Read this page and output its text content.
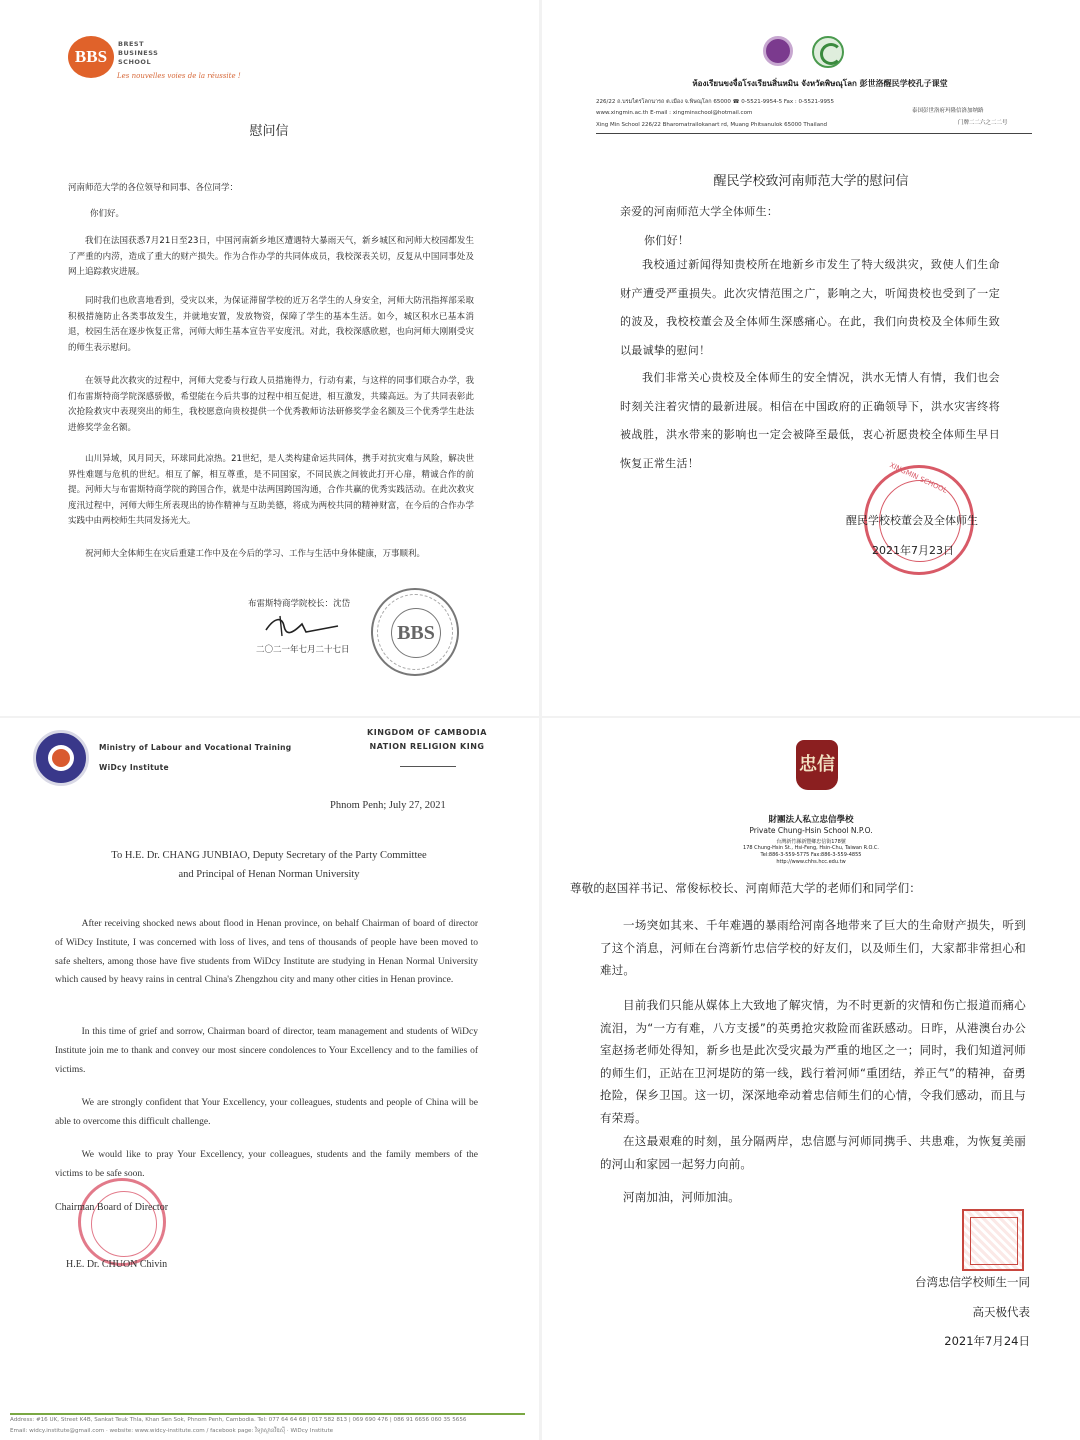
BBS
BREST
BUSINESS
SCHOOL
Les nouvelles voies de la réussite !
慰问信
河南师范大学的各位领导和同事、各位同学：
你们好。
我们在法国获悉7月21日至23日，中国河南新乡地区遭遇特大暴雨天气，新乡城区和河师大校园都发生了严重的内涝，造成了重大的财产损失。作为合作办学的共同体成员，我校深表关切，反复从中国同事处及网上追踪救灾进展。
同时我们也欣喜地看到，受灾以来，为保证滞留学校的近万名学生的人身安全，河师大防汛指挥部采取积极措施防止各类事故发生，并就地安置，发放物资，保障了学生的基本生活。如今，城区积水已基本消退，校园生活在逐步恢复正常，河师大师生基本宣告平安度汛。对此，我校深感欣慰，也向河师大刚刚受灾的师生表示慰问。
在领导此次救灾的过程中，河师大党委与行政人员措施得力，行动有素，与这样的同事们联合办学，我们布雷斯特商学院深感骄傲，希望能在今后共事的过程中相互促进，相互激发，共臻高远。为了共同表彰此次抢险救灾中表现突出的师生，我校愿意向贵校提供一个优秀教师访法研修奖学金名额及三个优秀学生赴法进修奖学金名额。
山川异域，风月同天，环球同此凉热。21世纪，是人类构建命运共同体，携手对抗灾难与风险，解决世界性难题与危机的世纪。相互了解，相互尊重，是不同国家，不同民族之间彼此打开心扉，精诚合作的前提。河师大与布雷斯特商学院的跨国合作，就是中法两国跨国沟通，合作共赢的优秀实践活动。在此次救灾度汛过程中，河师大师生所表现出的协作精神与互助美德，将成为两校共同的精神财富，在今后的合作办学实践中由两校师生共同发扬光大。
祝河师大全体师生在灾后重建工作中及在今后的学习、工作与生活中身体健康，万事顺利。
布雷斯特商学院校长：沈岱
二〇二一年七月二十七日
BBS
ห้องเรียนขงจื่อโรงเรียนสิ่นหมิน จังหวัดพิษณุโลก 彭世洛醒民学校孔子课堂
226/22 ถ.บรมไตรโลกนารถ ต.เมือง จ.พิษณุโลก 65000 ☎ 0-5521-9954-5 Fax : 0-5521-9955
www.xingmin.ac.th E-mail : xingminschool@hotmail.com
Xing Min School 226/22 Bharomatrailokanart rd, Muang Phitsanulok 65000 Thailand
泰国彭世洛府玛隆信洛加纳路
门牌二二六之二二号
醒民学校致河南师范大学的慰问信
亲爱的河南师范大学全体师生：
你们好！
我校通过新闻得知贵校所在地新乡市发生了特大级洪灾，致使人们生命财产遭受严重损失。此次灾情范围之广，影响之大，听闻贵校也受到了一定的波及，我校校董会及全体师生深感痛心。在此，我们向贵校及全体师生致以最诚挚的慰问！
我们非常关心贵校及全体师生的安全情况，洪水无情人有情，我们也会时刻关注着灾情的最新进展。相信在中国政府的正确领导下，洪水灾害终将被战胜，洪水带来的影响也一定会被降至最低，衷心祈愿贵校全体师生早日恢复正常生活！	XINGMIN SCHOOL
醒民学校校董会及全体师生
2021年7月23日
Ministry of Labour and Vocational Training
WiDcy Institute
KINGDOM OF CAMBODIA
NATION RELIGION KING
Phnom Penh; July 27, 2021
To H.E. Dr. CHANG JUNBIAO, Deputy Secretary of the Party Committee
and Principal of Henan Norman University
After receiving shocked news about flood in Henan province, on behalf Chairman of board of director of WiDcy Institute, I was concerned with loss of lives, and tens of thousands of people have been moved to safe shelters, among those have five students from WiDcy Institute are studying in Henan Normal University which caused by heavy rains in central China's Zhengzhou city and many other cities in Henan province.
In this time of grief and sorrow, Chairman board of director, team management and students of WiDcy Institute join me to thank and convey our most sincere condolences to Your Excellency and to the families of victims.
We are strongly confident that Your Excellency, your colleagues, students and people of China will be able to overcome this difficult challenge.
We would like to pray Your Excellency, your colleagues, students and the family members of the victims to be safe soon.
Chairman Board of Director
H.E. Dr. CHUON Chivin
Address: #16 UK, Street K4B, Sankat Teuk Thla, Khan Sen Sok, Phnom Penh, Cambodia. Tel: 077 64 64 68 | 017 582 813 | 069 690 476 | 086 91 6656 060 35 5656
Email: widcy.institute@gmail.com · website: www.widcy-institute.com / facebook page: វិទ្យាស្ថានវីឌស៊ី · WiDcy Institute
忠信
財團法人私立忠信學校
Private Chung-Hsin School N.P.O.
台灣新竹縣新豐鄉忠信街178號
178 Chung-Hsin St., Hsi-Feng, Hsin-Chu, Taiwan R.O.C.
Tel:886-3-559-5775 Fax:886-3-559-4855
http://www.chhs.hcc.edu.tw
尊敬的赵国祥书记、常俊标校长、河南师范大学的老师们和同学们：
一场突如其来、千年难遇的暴雨给河南各地带来了巨大的生命财产损失，听到了这个消息，河师在台湾新竹忠信学校的好友们，以及师生们，大家都非常担心和难过。
目前我们只能从媒体上大致地了解灾情，为不时更新的灾情和伤亡报道而痛心流泪，为“一方有难，八方支援”的英勇抢灾救险而雀跃感动。日昨，从港澳台办公室赵扬老师处得知，新乡也是此次受灾最为严重的地区之一；同时，我们知道河师的师生们，正站在卫河堤防的第一线，践行着河师“重团结，养正气”的精神，奋勇抢险，保乡卫国。这一切，深深地牵动着忠信师生们的心情，令我们感动，而且与有荣焉。
在这最艰难的时刻，虽分隔两岸，忠信愿与河师同携手、共患难，为恢复美丽的河山和家园一起努力向前。
河南加油，河师加油。
台湾忠信学校师生一同
高天极代表
2021年7月24日
